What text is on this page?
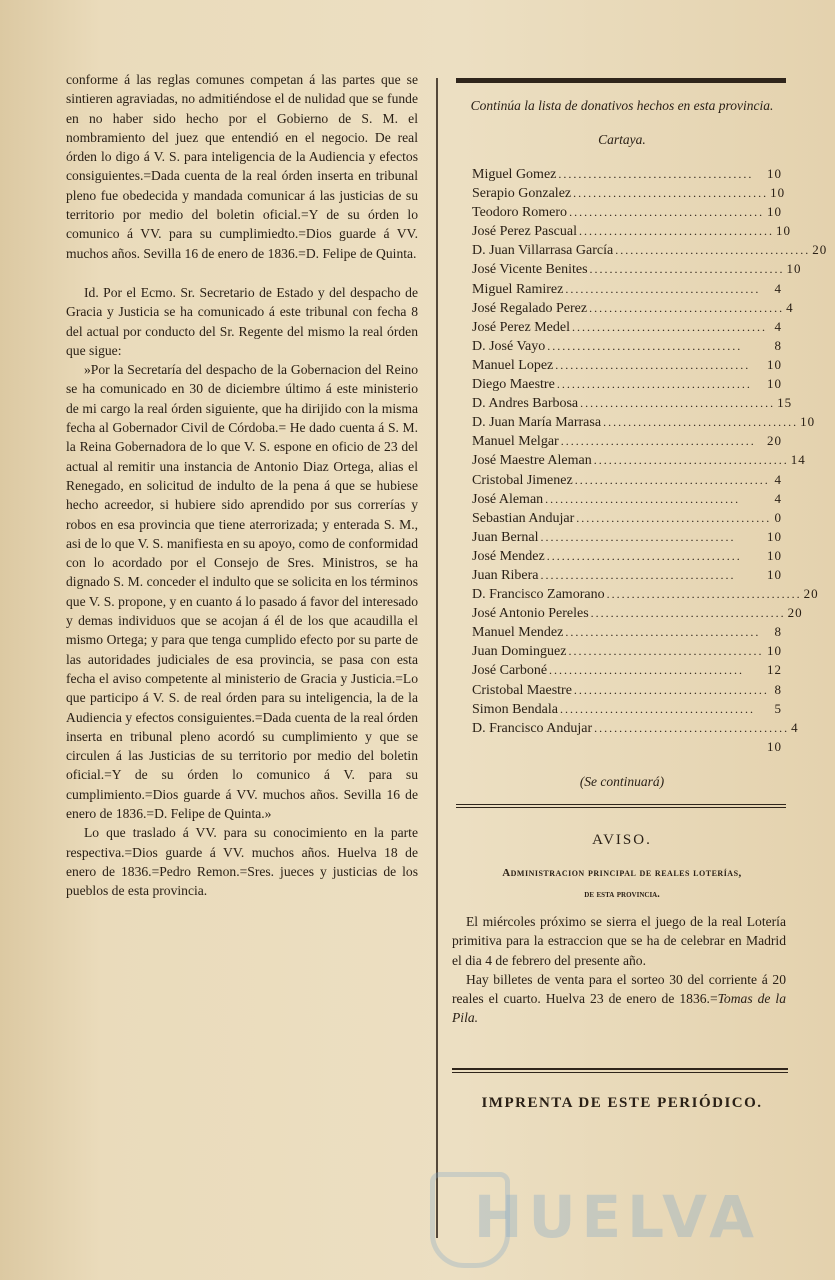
conforme á las reglas comunes competan á las partes que se sintieren agraviadas, no admitiéndose el de nulidad que se funde en no haber sido hecho por el Gobierno de S. M. el nombramiento del juez que entendió en el negocio. De real órden lo digo á V. S. para inteligencia de la Audiencia y efectos consiguientes.=Dada cuenta de la real órden inserta en tribunal pleno fue obedecida y mandada comunicar á las justicias de su territorio por medio del boletin oficial.=Y de su órden lo comunico á VV. para su cumplimiedto.=Dios guarde á VV. muchos años. Sevilla 16 de enero de 1836.=D. Felipe de Quinta.

Id. Por el Ecmo. Sr. Secretario de Estado y del despacho de Gracia y Justicia se ha comunicado á este tribunal con fecha 8 del actual por conducto del Sr. Regente del mismo la real órden que sigue:

»Por la Secretaría del despacho de la Gobernacion del Reino se ha comunicado en 30 de diciembre último á este ministerio de mi cargo la real órden siguiente, que ha dirijido con la misma fecha al Gobernador Civil de Córdoba.= He dado cuenta á S. M. la Reina Gobernadora de lo que V. S. espone en oficio de 23 del actual al remitir una instancia de Antonio Diaz Ortega, alias el Renegado, en solicitud de indulto de la pena á que se hubiese hecho acreedor, si hubiere sido aprendido por sus correrías y robos en esa provincia que tiene aterrorizada; y enterada S. M., asi de lo que V. S. manifiesta en su apoyo, como de conformidad con lo acordado por el Consejo de Sres. Ministros, se ha dignado S. M. conceder el indulto que se solicita en los términos que V. S. propone, y en cuanto á lo pasado á favor del interesado y demas individuos que se acojan á él de los que acaudilla el mismo Ortega; y para que tenga cumplido efecto por su parte de las autoridades judiciales de esa provincia, se pasa con esta fecha el aviso competente al ministerio de Gracia y Justicia.=Lo que participo á V. S. de real órden para su inteligencia, la de la Audiencia y efectos consiguientes.=Dada cuenta de la real órden inserta en tribunal pleno acordó su cumplimiento y que se circulen á las Justicias de su territorio por medio del boletin oficial.=Y de su órden lo comunico á V. para su cumplimiento.=Dios guarde á VV. muchos años. Sevilla 16 de enero de 1836.=D. Felipe de Quinta.»

Lo que traslado á VV. para su conocimiento en la parte respectiva.=Dios guarde á VV. muchos años. Huelva 18 de enero de 1836.=Pedro Remon.=Sres. jueces y justicias de los pueblos de esta provincia.

Continúa la lista de donativos hechos en esta provincia.
Cartaya.
Miguel Gomez .......................................	10
Serapio Gonzalez ....................................... 10
Teodoro Romero ....................................... 10
José Perez Pascual ....................................... 10
D. Juan Villarrasa García ....................................... 20
José Vicente Benites ....................................... 10
Miguel Ramirez .......................................	4
José Regalado Perez ....................................... 4
José Perez Medel ....................................... 4
D. José Vayo .......................................	8
Manuel Lopez .......................................	10
Diego Maestre .......................................	10
D. Andres Barbosa ....................................... 15
D. Juan María Marrasa ....................................... 10
Manuel Melgar ....................................... 20
José Maestre Aleman ....................................... 14
Cristobal Jimenez ....................................... 4
José Aleman .......................................	4
Sebastian Andujar ....................................... 0
Juan Bernal .......................................	10
José Mendez .......................................	10
Juan Ribera .......................................	10
D. Francisco Zamorano ....................................... 20
José Antonio Pereles ....................................... 20
Manuel Mendez .......................................	8
Juan Dominguez ....................................... 10
José Carboné .......................................	12
Cristobal Maestre ....................................... 8
Simon Bendala .......................................	5
D. Francisco Andujar ....................................... 4
10
(Se continuará)
AVISO.
Administracion principal de reales loterías,
de esta provincia.

El miércoles próximo se sierra el juego de la real Lotería primitiva para la estraccion que se ha de celebrar en Madrid el dia 4 de febrero del presente año.

Hay billetes de venta para el sorteo 30 del corriente á 20 reales el cuarto. Huelva 23 de enero de 1836.=Tomas de la Pila.

IMPRENTA DE ESTE PERIÓDICO.
HUELVA
